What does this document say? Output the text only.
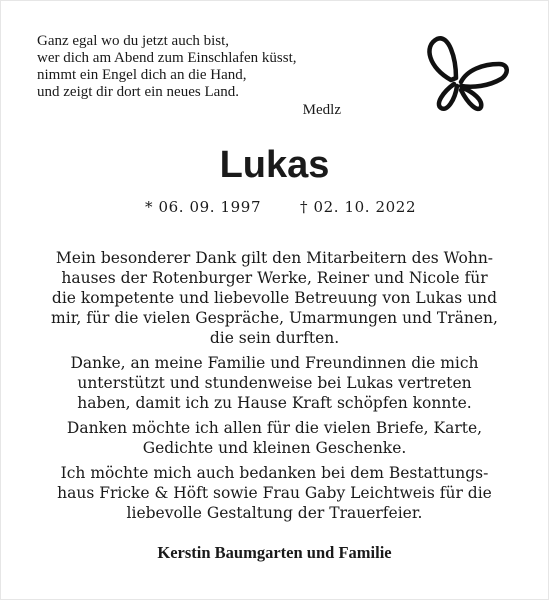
Ganz egal wo du jetzt auch bist,
wer dich am Abend zum Einschlafen küsst,
nimmt ein Engel dich an die Hand,
und zeigt dir dort ein neues Land.
Medlz
Lukas
* 06. 09. 1997	† 02. 10. 2022
Mein besonderer Dank gilt den Mitarbeitern des Wohn-
hauses der Rotenburger Werke, Reiner und Nicole für
die kompetente und liebevolle Betreuung von Lukas und
mir, für die vielen Gespräche, Umarmungen und Tränen,
die sein durften.
Danke, an meine Familie und Freundinnen die mich
unterstützt und stundenweise bei Lukas vertreten
haben, damit ich zu Hause Kraft schöpfen konnte.
Danken möchte ich allen für die vielen Briefe, Karte,
Gedichte und kleinen Geschenke.
Ich möchte mich auch bedanken bei dem Bestattungs-
haus Fricke & Höft sowie Frau Gaby Leichtweis für die
liebevolle Gestaltung der Trauerfeier.
Kerstin Baumgarten und Familie
